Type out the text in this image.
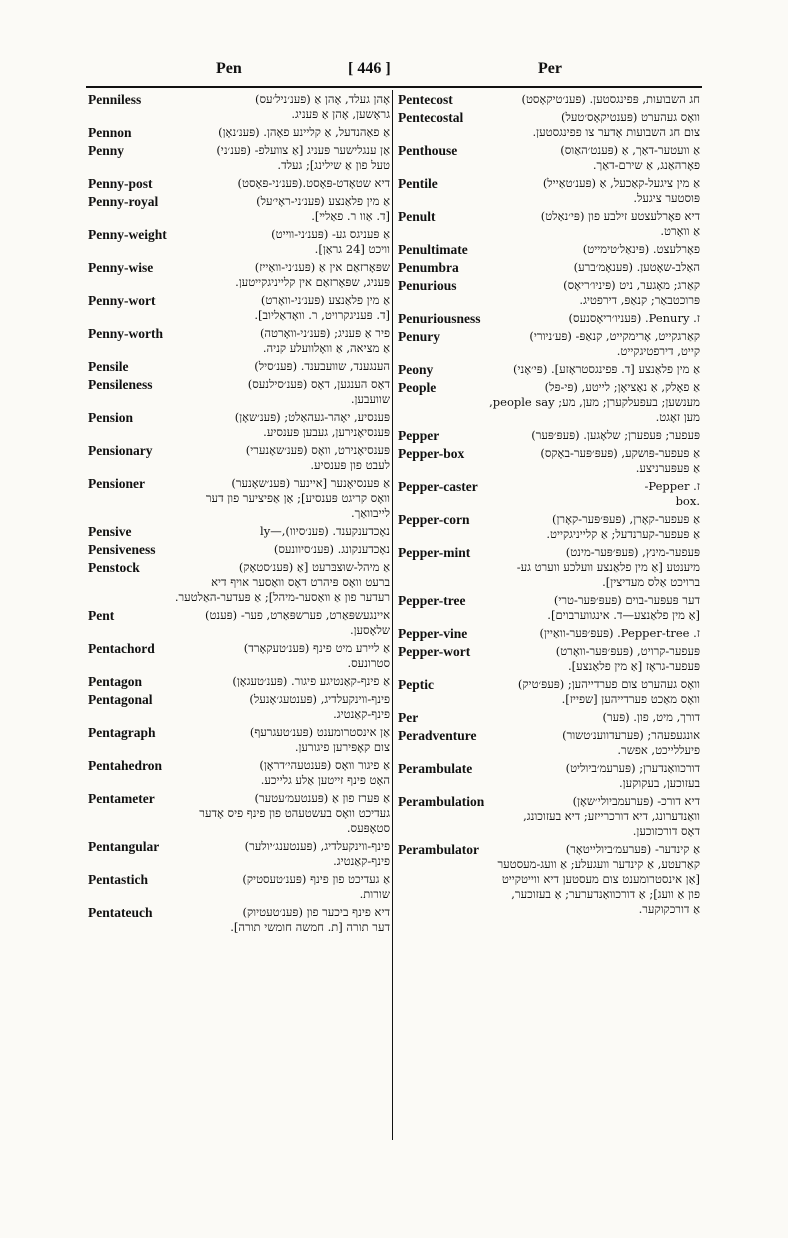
Pen	[ 446 ]	Per
Penniless	אָהן געלד, אָהן אַ (פּענ׳ניל׳עס)
גראָשען, אָהן אַ פּעניג.
Pennon	אַ פאַהנדעל, אַ קליינע פאָהן. (פּענ׳נאָן)
Penny	אַן ענגלישער פּעניג [אַ צוועלפ- (פּענ׳ני)
טעל פון אַ שילינג]; געלד.
Penny-post	דיא שטאָדט-פּאָסט.(פּענ׳ני-פּאָסט)
Penny-royal	אַ מין פלאַנצע (פּענ׳ני-ראָי׳על)
[ד. אַוו ר. פאַלײ].
Penny-weight	אַ פּעניגס גע- (פּענ׳ני-וױיט)
וויכט [24 גראַן].
Penny-wise	שפּאָרזאַם אין אַ (פּענ׳ני-וואַייז)
פּעניג, שפּאָרזאַם אין קלייניגקייטען.
Penny-wort	אַ מין פלאַנצע (פּענ׳ני-וואָרט)
[ד. פּעניגקרויט, ר. וואָדאַליוב].
Penny-worth	פיר אַ פּעניג; (פּענ׳ני-וואָרטה)
אַ מציאה, אַ וואָלוועלע קניה.
Pensile	הענגענד, שוועבענד. (פּענ׳סיל)
Pensileness	דאָס הענגען, דאָס (פּענ׳סילנעס)
שוועבען.
Pension	פּענסיע, יאָהר-געהאַלט; (פּענ׳שאָן)
פּענסיאָנירען, געבען פּענסיע.
Pensionary	פּענסיאָנירט, וואָס (פּענ׳שאָנערי)
לעבט פון פּענסיע.
Pensioner	אַ פּענסיאָנער [איינער (פּענ׳שאָנער)
וואָס קריגט פּענסיע]; אַן אַפיציער פון דער
לייבוואַך.
Pensive	נאָכדענקענד. (פּענ׳סיוו),—ly
Pensiveness	נאָכדענקונג. (פּענ׳סיוונעס)
Penstock	אַ מיהל-שוּצבּרעט [אַ (פּענ׳סטאָק)
ברעט וואָס פּיהרט דאָס וואַסער אויף דיא
רעדער פון אַ וואַסער-מיהל]; אַ פּעדער-האַלטער.
Pent	איינגעשפּאַרט, פערשפּאַרט, פער- (פּענט)
שלאָסען.
Pentachord	אַ ליירע מיט פינף (פּענ׳טעקאָרד)
סטרונעס.
Pentagon	אַ פינף-קאַנטיגע פיגור. (פּענ׳טעגאָן)
Pentagonal	פינף-ווינקעלדיג, (פּענטעג׳אָנעל)
פינף-קאַנטיג.
Pentagraph	אַן אינסטרומענט (פּענ׳טעגרעף)
צום קאָפּירען פיגורען.
Pentahedron	אַ פיגור וואָס (פּענטעהי׳דראָן)
האָט פינף זייטען אַלע גלייכע.
Pentameter	אַ פּערז פון אַ (פּענטעמ׳עטער)
געדיכט וואָס בעשטעהט פון פינף פיס אָדער
סטאָפּעס.
Pentangular	פינף-ווינקעלדיג, (פּענטענג׳יולער)
פינף-קאַנטיג.
Pentastich	אַ געדיכט פון פינף (פּענ׳טעסטיק)
שורות.
Pentateuch	דיא פינף ביכער פון (פּענ׳טעטיוק)
דער תורה [ת. חמשה חומשי תורה].
Pentecost	חג השבועות, פּפינגסטען. (פּענ׳טיקאָסט)
Pentecostal	וואָס געהערט (פּענטיקאָס׳טעל)
צום חג השבועות אָדער צו פפינגסטען.
Penthouse	אַ וועטער-דאַך, אַ (פּענט׳האַוס)
פאָרהאַנג, אַ שירם-דאַך.
Pentile	אַ מין ציגעל-קאַכעל, אַ (פּענ׳טאַייל)
פּוסטער ציגעל.
Penult	דיא פאָרלעצטע זילבע פון (פּי׳נאַלט)
אַ וואָרט.
Penultimate	פאָרלעצט. (פּינאַל׳טימייט)
Penumbra	האַלב-שאָטען. (פּענאָמ׳ברע)
Penurious	קאַרג; מאָגער, ניט (פּיניו׳ריאָס)
פּרוכטבאַר; קנאַפּ, דירפטיג.
Penuriousness	ז. Penury. (פּעניו׳ריאָסנעס)
Penury	קאַרגקייט, אָרימקייט, קנאַפּ- (פּע׳ניורי)
קייט, דירפטיגקייט.
Peony	אַ מין פלאַנצע [ד. פּפינגסטראָזע]. (פּי׳אָני)
People	אַ פאָלק, אַ נאַציאָן; לייטע, (פּי-פּל)
מענשען; בעפעלקערן; מען, מע; people say,
מען זאָגט.
Pepper	פּעפער; פּעפערן; שלאָגען. (פּעפּ׳פּער)
Pepper-box	אַ פּעפער-פּושקע, (פּעפּ׳פּער-באָקס)
אַ פּעפּערניצע.
Pepper-caster	ז. Pepper-
box.
Pepper-corn	אַ פּעפער-קאָרן, (פּעפּ׳פּער-קאָרן)
אַ פּעפער-קערנדעל; אַ קלייניגקייט.
Pepper-mint	פּעפער-מינץ, (פּעפּ׳פּער-מינט)
מיענטע [אַ מין פלאַנצע וועלכע ווערט גע-
ברויכט אַלס מעדיצין].
Pepper-tree	דער פּעפּער-בוים (פּעפּ׳פּער-טרי)
[אַ מין פלאַנצע—ד. אינגווערבוים].
Pepper-vine	ז. Pepper-tree. (פּעפּ׳פּער-וואַיין)
Pepper-wort	פּעפער-קרויט, (פּעפּ׳פּער-וואָרט)
פּעפער-גראָז [אַ מין פלאַנצע].
Peptic	וואָס געהערט צום פערדייהען; (פּעפּ׳טיק)
וואָס מאַכט פערדייהען [שפייז].
Per	דורך, מיט, פון. (פּער)
Peradventure	אונגעפעהר; (פּערעדווענ׳טשור)
פיעללייכט, אפשר.
Perambulate	דורכוואַנדערן; (פּערעמ׳ביוליט)
בעזוכען, בעקוקען.
Perambulation	דיא דורכ- (פּערעמביולי׳שאָן)
וואַנדערונג, דיא דורכרייזע; דיא בעזוכונג,
דאָס דורכזוכען.
Perambulator	אַ קינדער- (פּערעמ׳ביולייטאָר)
קאַרעטע, אַ קינדער וועגעלע; אַ וועג-מעסטער
[אַן אינסטרומענט צום מעסטען דיא ווייטקייט
פון אַ וועג]; אַ דורכוואַנדערער; אַ בעזוכער,
אַ דורכקוקער.
